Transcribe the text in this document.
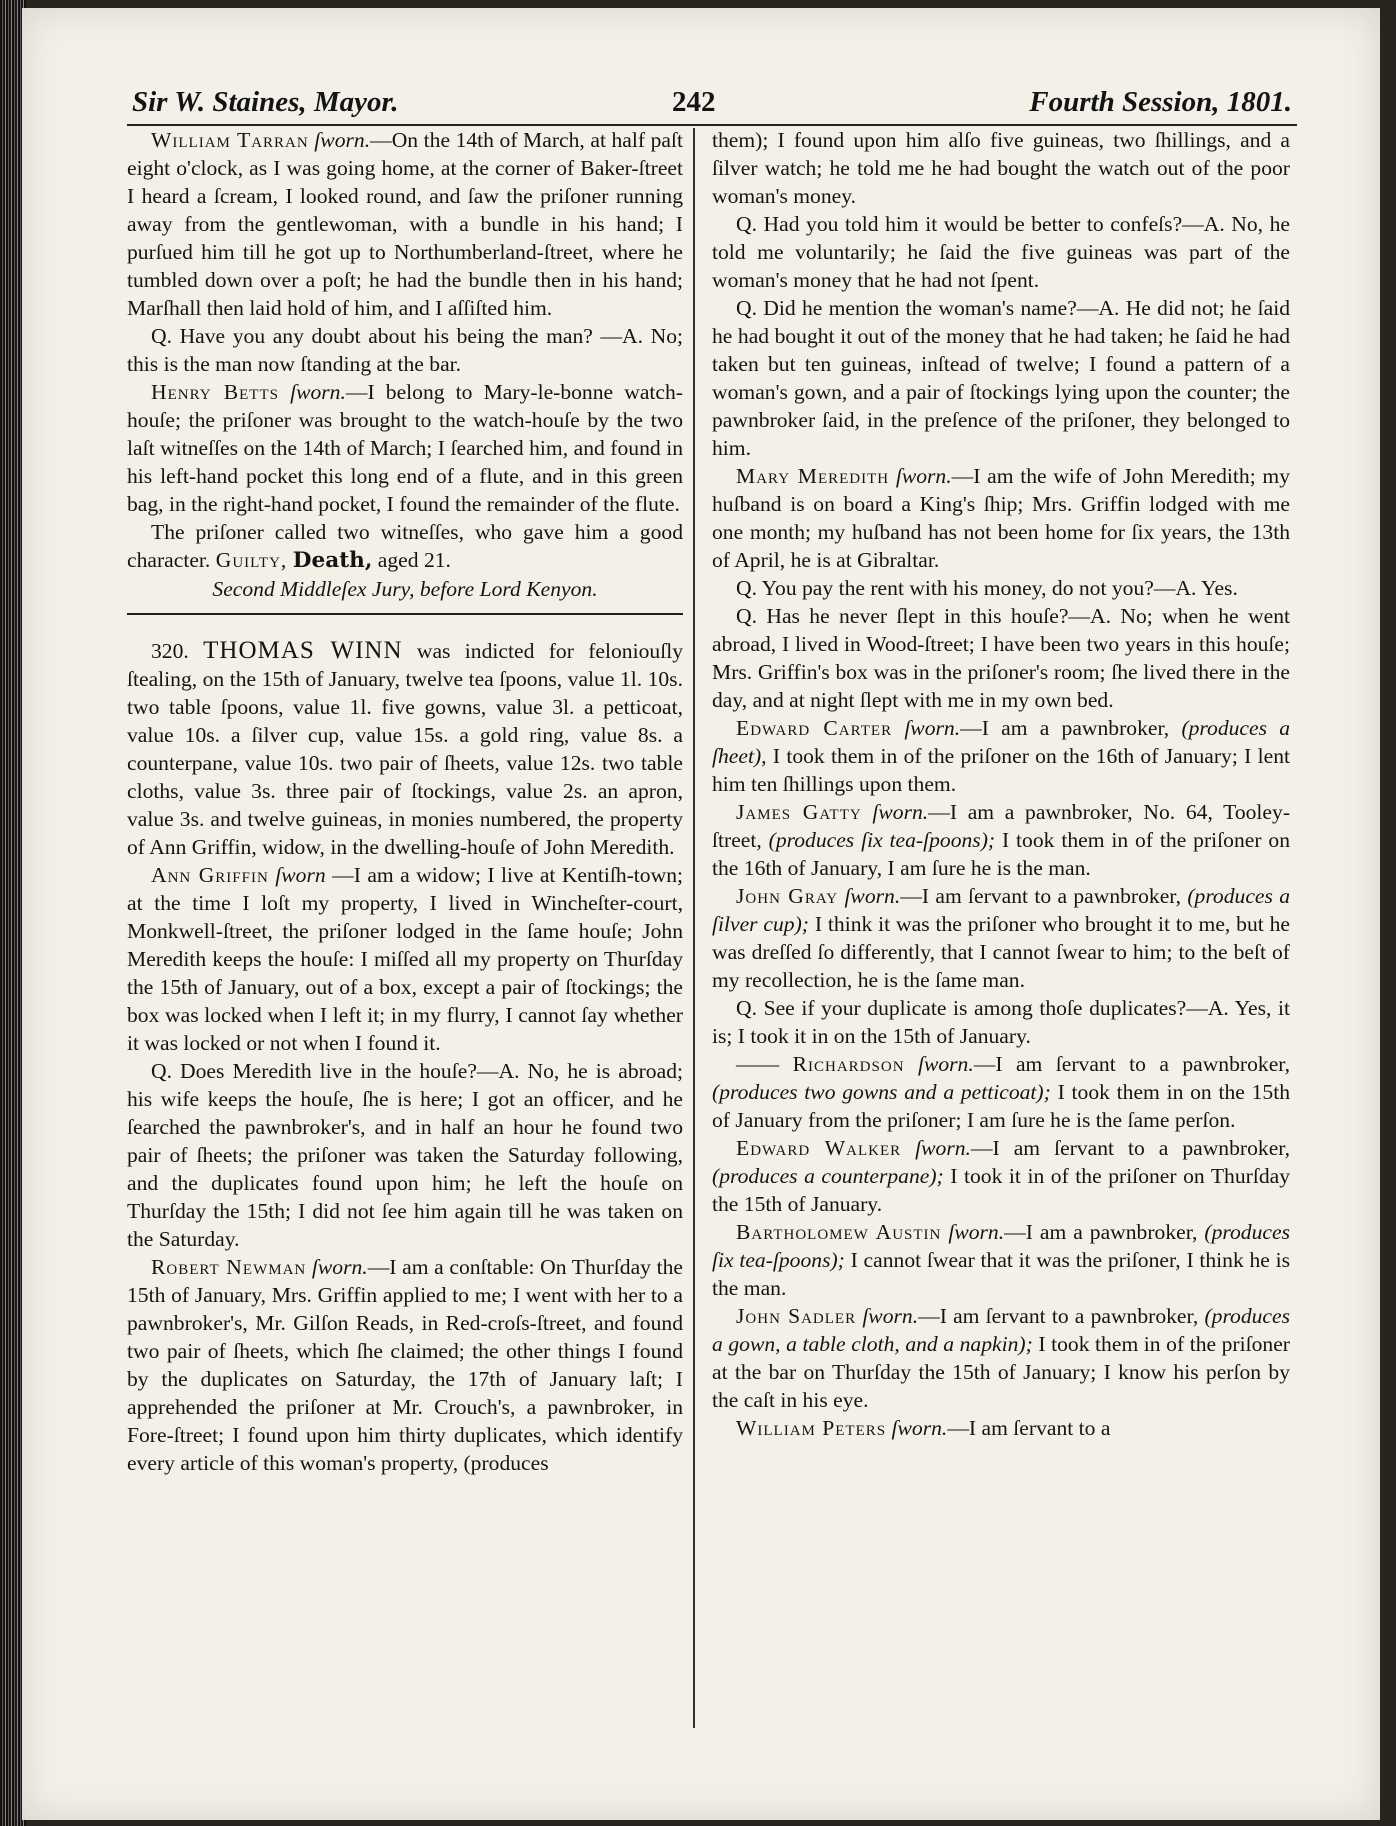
Sir W. Staines, Mayor.	242	Fourth Session, 1801.

William Tarran ſworn.—On the 14th of March, at half paſt eight o'clock, as I was going home, at the corner of Baker-ſtreet I heard a ſcream, I looked round, and ſaw the priſoner running away from the gentlewoman, with a bundle in his hand; I purſued him till he got up to Northumberland-ſtreet, where he tumbled down over a poſt; he had the bundle then in his hand; Marſhall then laid hold of him, and I aſſiſted him.

Q. Have you any doubt about his being the man? —A. No; this is the man now ſtanding at the bar.

Henry Betts ſworn.—I belong to Mary-le-bonne watch-houſe; the priſoner was brought to the watch-houſe by the two laſt witneſſes on the 14th of March; I ſearched him, and found in his left-hand pocket this long end of a flute, and in this green bag, in the right-hand pocket, I found the remainder of the flute.

The priſoner called two witneſſes, who gave him a good character. Guilty, Death, aged 21.

Second Middleſex Jury, before Lord Kenyon.

320. THOMAS WINN was indicted for feloniouſly ſtealing, on the 15th of January, twelve tea ſpoons, value 1l. 10s. two table ſpoons, value 1l. five gowns, value 3l. a petticoat, value 10s. a ſilver cup, value 15s. a gold ring, value 8s. a counterpane, value 10s. two pair of ſheets, value 12s. two table cloths, value 3s. three pair of ſtockings, value 2s. an apron, value 3s. and twelve guineas, in monies numbered, the property of Ann Griffin, widow, in the dwelling-houſe of John Meredith.

Ann Griffin ſworn —I am a widow; I live at Kentiſh-town; at the time I loſt my property, I lived in Wincheſter-court, Monkwell-ſtreet, the priſoner lodged in the ſame houſe; John Meredith keeps the houſe: I miſſed all my property on Thurſday the 15th of January, out of a box, except a pair of ſtockings; the box was locked when I left it; in my flurry, I cannot ſay whether it was locked or not when I found it.

Q. Does Meredith live in the houſe?—A. No, he is abroad; his wife keeps the houſe, ſhe is here; I got an officer, and he ſearched the pawnbroker's, and in half an hour he found two pair of ſheets; the priſoner was taken the Saturday following, and the duplicates found upon him; he left the houſe on Thurſday the 15th; I did not ſee him again till he was taken on the Saturday.

Robert Newman ſworn.—I am a conſtable: On Thurſday the 15th of January, Mrs. Griffin applied to me; I went with her to a pawnbroker's, Mr. Gilſon Reads, in Red-croſs-ſtreet, and found two pair of ſheets, which ſhe claimed; the other things I found by the duplicates on Saturday, the 17th of January laſt; I apprehended the priſoner at Mr. Crouch's, a pawnbroker, in Fore-ſtreet; I found upon him thirty duplicates, which identify every article of this woman's property, (produces

them); I found upon him alſo five guineas, two ſhillings, and a ſilver watch; he told me he had bought the watch out of the poor woman's money.

Q. Had you told him it would be better to confeſs?—A. No, he told me voluntarily; he ſaid the five guineas was part of the woman's money that he had not ſpent.

Q. Did he mention the woman's name?—A. He did not; he ſaid he had bought it out of the money that he had taken; he ſaid he had taken but ten guineas, inſtead of twelve; I found a pattern of a woman's gown, and a pair of ſtockings lying upon the counter; the pawnbroker ſaid, in the preſence of the priſoner, they belonged to him.

Mary Meredith ſworn.—I am the wife of John Meredith; my huſband is on board a King's ſhip; Mrs. Griffin lodged with me one month; my huſband has not been home for ſix years, the 13th of April, he is at Gibraltar.

Q. You pay the rent with his money, do not you?—A. Yes.

Q. Has he never ſlept in this houſe?—A. No; when he went abroad, I lived in Wood-ſtreet; I have been two years in this houſe; Mrs. Griffin's box was in the priſoner's room; ſhe lived there in the day, and at night ſlept with me in my own bed.

Edward Carter ſworn.—I am a pawnbroker, (produces a ſheet), I took them in of the priſoner on the 16th of January; I lent him ten ſhillings upon them.

James Gatty ſworn.—I am a pawnbroker, No. 64, Tooley-ſtreet, (produces ſix tea-ſpoons); I took them in of the priſoner on the 16th of January, I am ſure he is the man.

John Gray ſworn.—I am ſervant to a pawnbroker, (produces a ſilver cup); I think it was the priſoner who brought it to me, but he was dreſſed ſo differently, that I cannot ſwear to him; to the beſt of my recollection, he is the ſame man.

Q. See if your duplicate is among thoſe duplicates?—A. Yes, it is; I took it in on the 15th of January.

—— Richardson ſworn.—I am ſervant to a pawnbroker, (produces two gowns and a petticoat); I took them in on the 15th of January from the priſoner; I am ſure he is the ſame perſon.

Edward Walker ſworn.—I am ſervant to a pawnbroker, (produces a counterpane); I took it in of the priſoner on Thurſday the 15th of January.

Bartholomew Austin ſworn.—I am a pawnbroker, (produces ſix tea-ſpoons); I cannot ſwear that it was the priſoner, I think he is the man.

John Sadler ſworn.—I am ſervant to a pawnbroker, (produces a gown, a table cloth, and a napkin); I took them in of the priſoner at the bar on Thurſday the 15th of January; I know his perſon by the caſt in his eye.

William Peters ſworn.—I am ſervant to a
